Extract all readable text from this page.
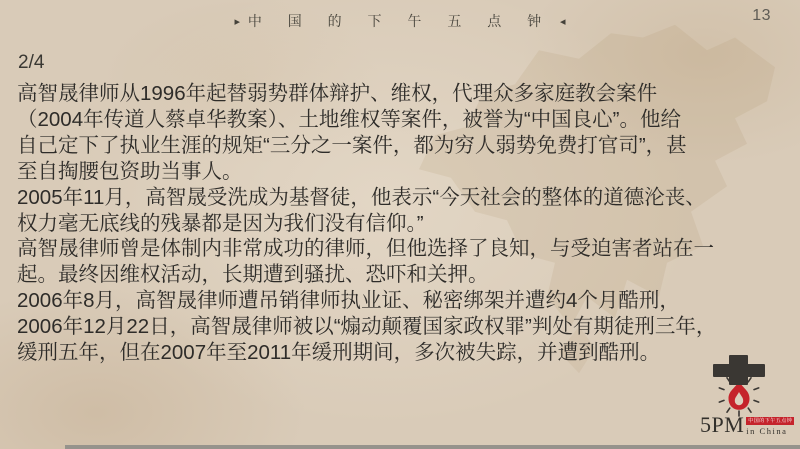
13
▸ 中 国 的 下 午 五 点 钟 ◂
2/4
高智晟律师从1996年起替弱势群体辩护、维权，代理众多家庭教会案件
（2004年传道人蔡卓华教案）、土地维权等案件，被誉为“中国良心”。他给
自己定下了执业生涯的规矩“三分之一案件，都为穷人弱势免费打官司”，甚
至自掏腰包资助当事人。
2005年11月，高智晟受洗成为基督徒，他表示“今天社会的整体的道德沦丧、
权力毫无底线的残暴都是因为我们没有信仰。”
高智晟律师曾是体制内非常成功的律师，但他选择了良知，与受迫害者站在一
起。最终因维权活动，长期遭到骚扰、恐吓和关押。
2006年8月，高智晟律师遭吊销律师执业证、秘密绑架并遭约4个月酷刑，
2006年12月22日，高智晟律师被以“煽动颠覆国家政权罪”判处有期徒刑三年，
缓刑五年，但在2007年至2011年缓刑期间，多次被失踪，并遭到酷刑。
5PM 中国的下午五点钟
in China
